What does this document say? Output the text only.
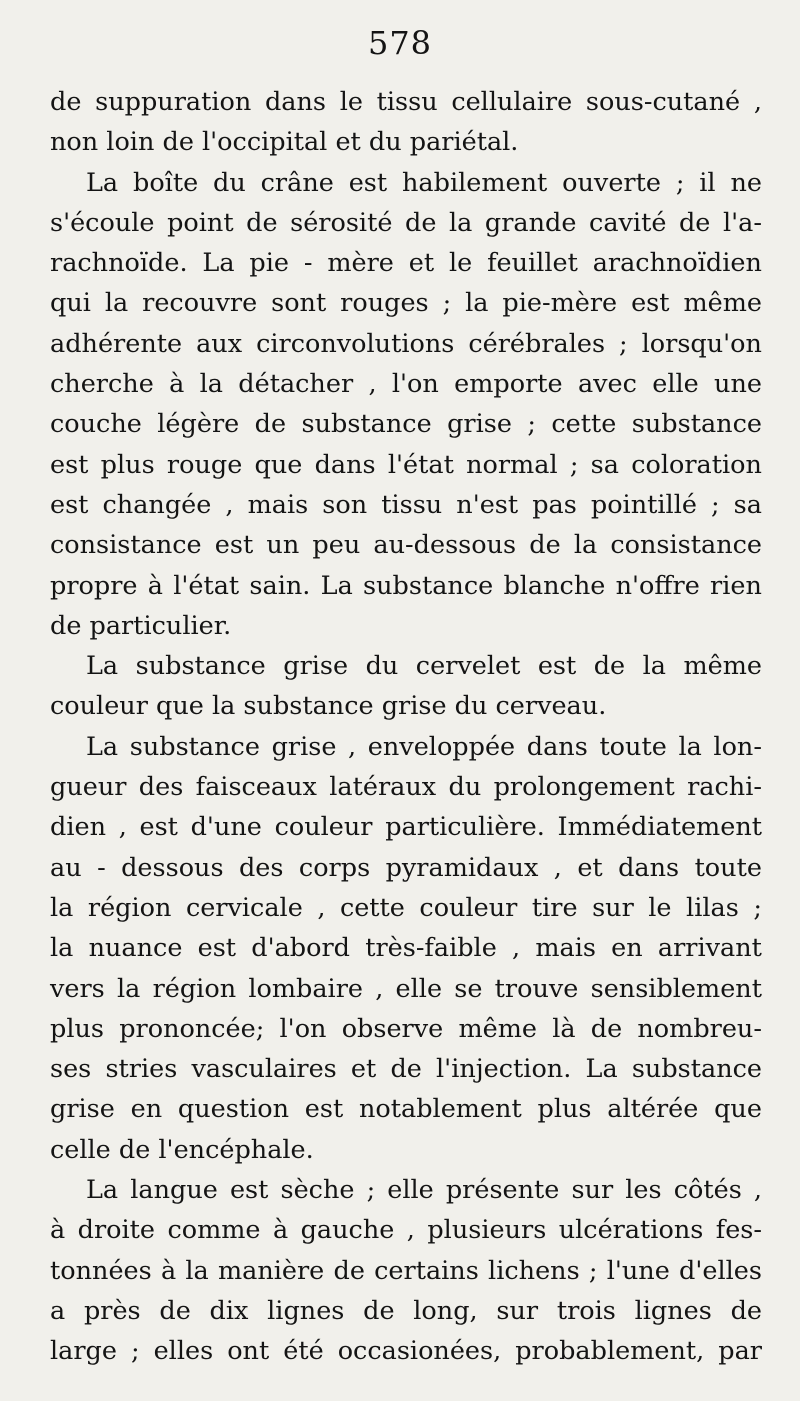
578
de suppuration dans le tissu cellulaire sous-cutané ,
non loin de l'occipital et du pariétal.
La boîte du crâne est habilement ouverte ; il ne
s'écoule point de sérosité de la grande cavité de l'a-
rachnoïde. La pie - mère et le feuillet arachnoïdien
qui la recouvre sont rouges ; la pie-mère est même
adhérente aux circonvolutions cérébrales ; lorsqu'on
cherche à la détacher , l'on emporte avec elle une
couche légère de substance grise ; cette substance
est plus rouge que dans l'état normal ; sa coloration
est changée , mais son tissu n'est pas pointillé ; sa
consistance est un peu au-dessous de la consistance
propre à l'état sain. La substance blanche n'offre rien
de particulier.
La substance grise du cervelet est de la même
couleur que la substance grise du cerveau.
La substance grise , enveloppée dans toute la lon-
gueur des faisceaux latéraux du prolongement rachi-
dien , est d'une couleur particulière. Immédiatement
au - dessous des corps pyramidaux , et dans toute
la région cervicale , cette couleur tire sur le lilas ;
la nuance est d'abord très-faible , mais en arrivant
vers la région lombaire , elle se trouve sensiblement
plus prononcée; l'on observe même là de nombreu-
ses stries vasculaires et de l'injection. La substance
grise en question est notablement plus altérée que
celle de l'encéphale.
La langue est sèche ; elle présente sur les côtés ,
à droite comme à gauche , plusieurs ulcérations fes-
tonnées à la manière de certains lichens ; l'une d'elles
a près de dix lignes de long, sur trois lignes de
large ; elles ont été occasionées, probablement, par
